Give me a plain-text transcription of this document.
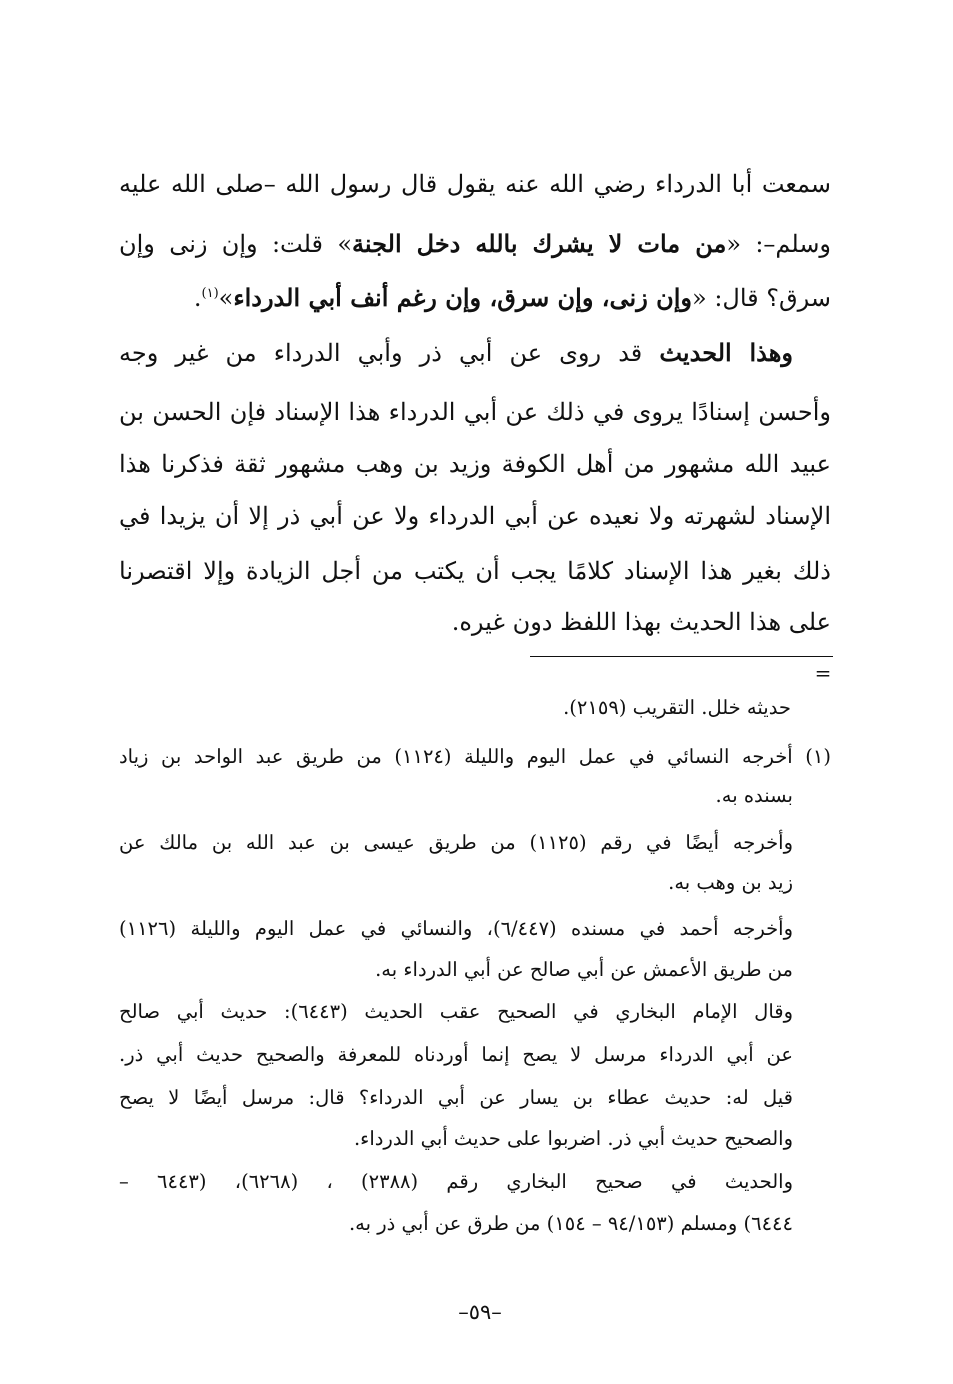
سمعت أبا الدرداء رضي الله عنه يقول قال رسول الله –صلى الله عليه
وسلم–: «من مات لا يشرك بالله دخل الجنة» قلت: وإن زنى وإن
سرق؟ قال: «وإن زنى، وإن سرق، وإن رغم أنف أبي الدرداء»$^{(١)}$.
وهذا الحديث قد روى عن أبي ذر وأبي الدرداء من غير وجه
وأحسن إسنادًا يروى في ذلك عن أبي الدرداء هذا الإسناد فإن الحسن بن
عبيد الله مشهور من أهل الكوفة وزيد بن وهب مشهور ثقة فذكرنا هذا
الإسناد لشهرته ولا نعيده عن أبي الدرداء ولا عن أبي ذر إلا أن يزيدا في
ذلك بغير هذا الإسناد كلامًا يجب أن يكتب من أجل الزيادة وإلا اقتصرنا
على هذا الحديث بهذا اللفظ دون غيره.
=
حديثه خلل. التقريب (٢١٥٩).
(١) أخرجه النسائي في عمل اليوم والليلة (١١٢٤) من طريق عبد الواحد بن زياد
بسنده به.
وأخرجه أيضًا في رقم (١١٢٥) من طريق عيسى بن عبد الله بن مالك عن
زيد بن وهب به.
وأخرجه أحمد في مسنده (٦/٤٤٧)، والنسائي في عمل اليوم والليلة (١١٢٦)
من طريق الأعمش عن أبي صالح عن أبي الدرداء به.
وقال الإمام البخاري في الصحيح عقب الحديث (٦٤٤٣): حديث أبي صالح
عن أبي الدرداء مرسل لا يصح إنما أوردناه للمعرفة والصحيح حديث أبي ذر.
قيل له: حديث عطاء بن يسار عن أبي الدرداء؟ قال: مرسل أيضًا لا يصح
والصحيح حديث أبي ذر. اضربوا على حديث أبي الدرداء.
والحديث في صحيح البخاري رقم (٢٣٨٨) ، (٦٢٦٨)، (٦٤٤٣ –
٦٤٤٤) ومسلم (٩٤/١٥٣ – ١٥٤) من طرق عن أبي ذر به.
–٥٩–
